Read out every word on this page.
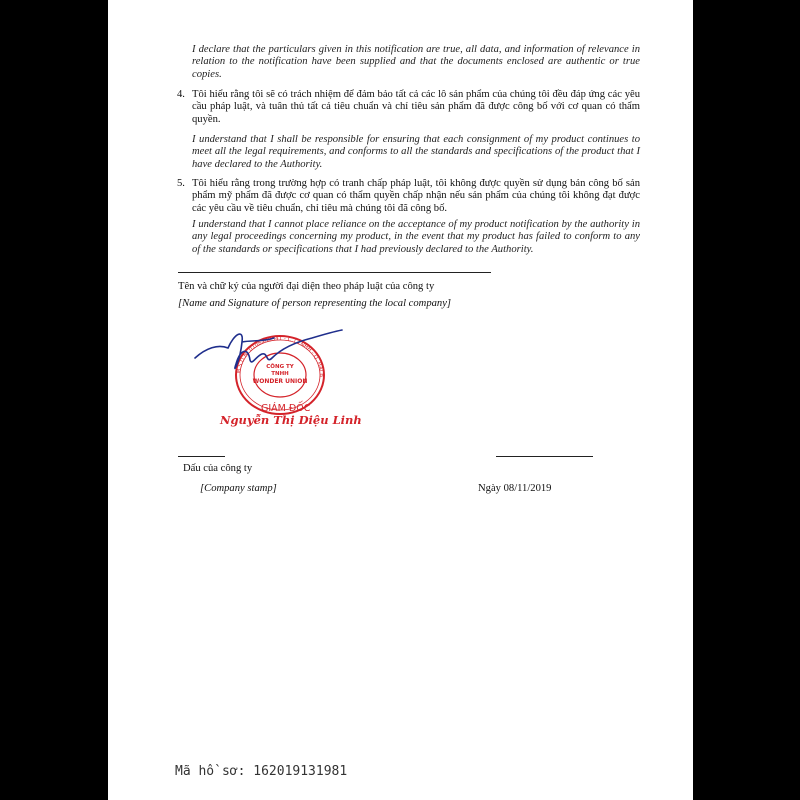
I declare that the particulars given in this notification are true, all data, and information of relevance in relation to the notification have been supplied and that the documents enclosed are authentic or true copies.
4. Tôi hiểu rằng tôi sẽ có trách nhiệm để đảm bảo tất cả các lô sản phẩm của chúng tôi đều đáp ứng các yêu cầu pháp luật, và tuân thủ tất cả tiêu chuẩn và chỉ tiêu sản phẩm đã được công bố với cơ quan có thẩm quyền.
I understand that I shall be responsible for ensuring that each consignment of my product continues to meet all the legal requirements, and conforms to all the standards and specifications of the product that I have declared to the Authority.
5. Tôi hiểu rằng trong trường hợp có tranh chấp pháp luật, tôi không được quyền sử dụng bản công bố sản phẩm mỹ phẩm đã được cơ quan có thẩm quyền chấp nhận nếu sản phẩm của chúng tôi không đạt được các yêu cầu về tiêu chuẩn, chỉ tiêu mà chúng tôi đã công bố.
I understand that I cannot place reliance on the acceptance of my product notification by the authority in any legal proceedings concerning my product, in the event that my product has failed to conform to any of the standards or specifications that I had previously declared to the Authority.
Tên và chữ ký của người đại diện theo pháp luật của công ty
[Name and Signature of person representing the local company]
M.S.D.N: 0108408541 - C.T.TNHH - Q. HAI B
CÔNG TY
TNHH
WONDER UNION
GIÁM ĐỐC
Nguyễn Thị Diệu Linh
Dấu của công ty
[Company stamp]	Ngày 08/11/2019
Mã hồ sơ: 162019131981
